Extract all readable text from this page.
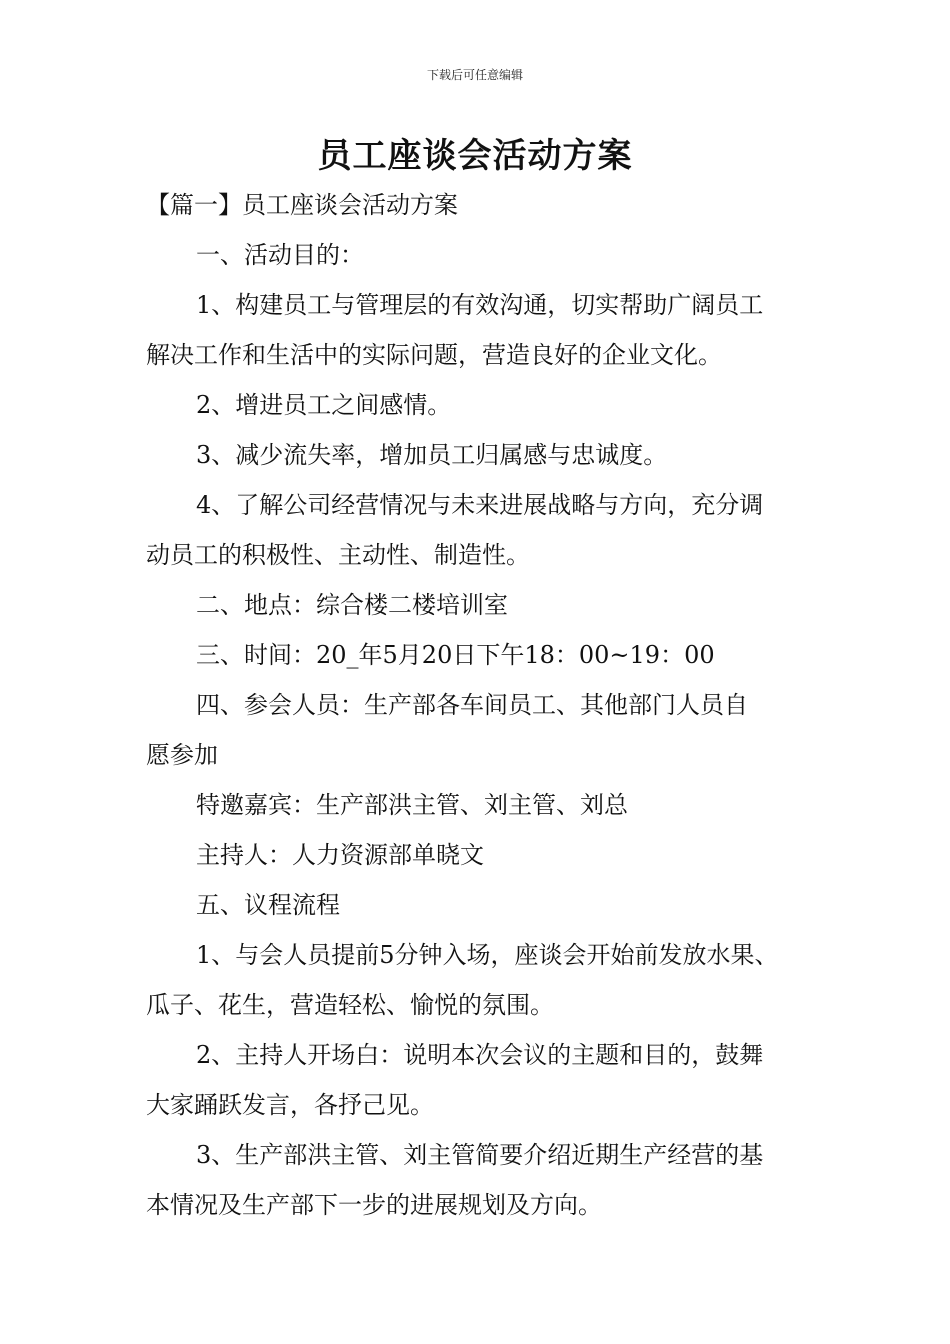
下载后可任意编辑
员工座谈会活动方案
【篇一】员工座谈会活动方案
一、活动目的：
1、构建员工与管理层的有效沟通，切实帮助广阔员工
解决工作和生活中的实际问题，营造良好的企业文化。
2、增进员工之间感情。
3、减少流失率，增加员工归属感与忠诚度。
4、了解公司经营情况与未来进展战略与方向，充分调
动员工的积极性、主动性、制造性。
二、地点：综合楼二楼培训室
三、时间：20_年5月20日下午18：00~19：00
四、参会人员：生产部各车间员工、其他部门人员自
愿参加
特邀嘉宾：生产部洪主管、刘主管、刘总
主持人：人力资源部单晓文
五、议程流程
1、与会人员提前5分钟入场，座谈会开始前发放水果、
瓜子、花生，营造轻松、愉悦的氛围。
2、主持人开场白：说明本次会议的主题和目的，鼓舞
大家踊跃发言，各抒己见。
3、生产部洪主管、刘主管简要介绍近期生产经营的基
本情况及生产部下一步的进展规划及方向。
